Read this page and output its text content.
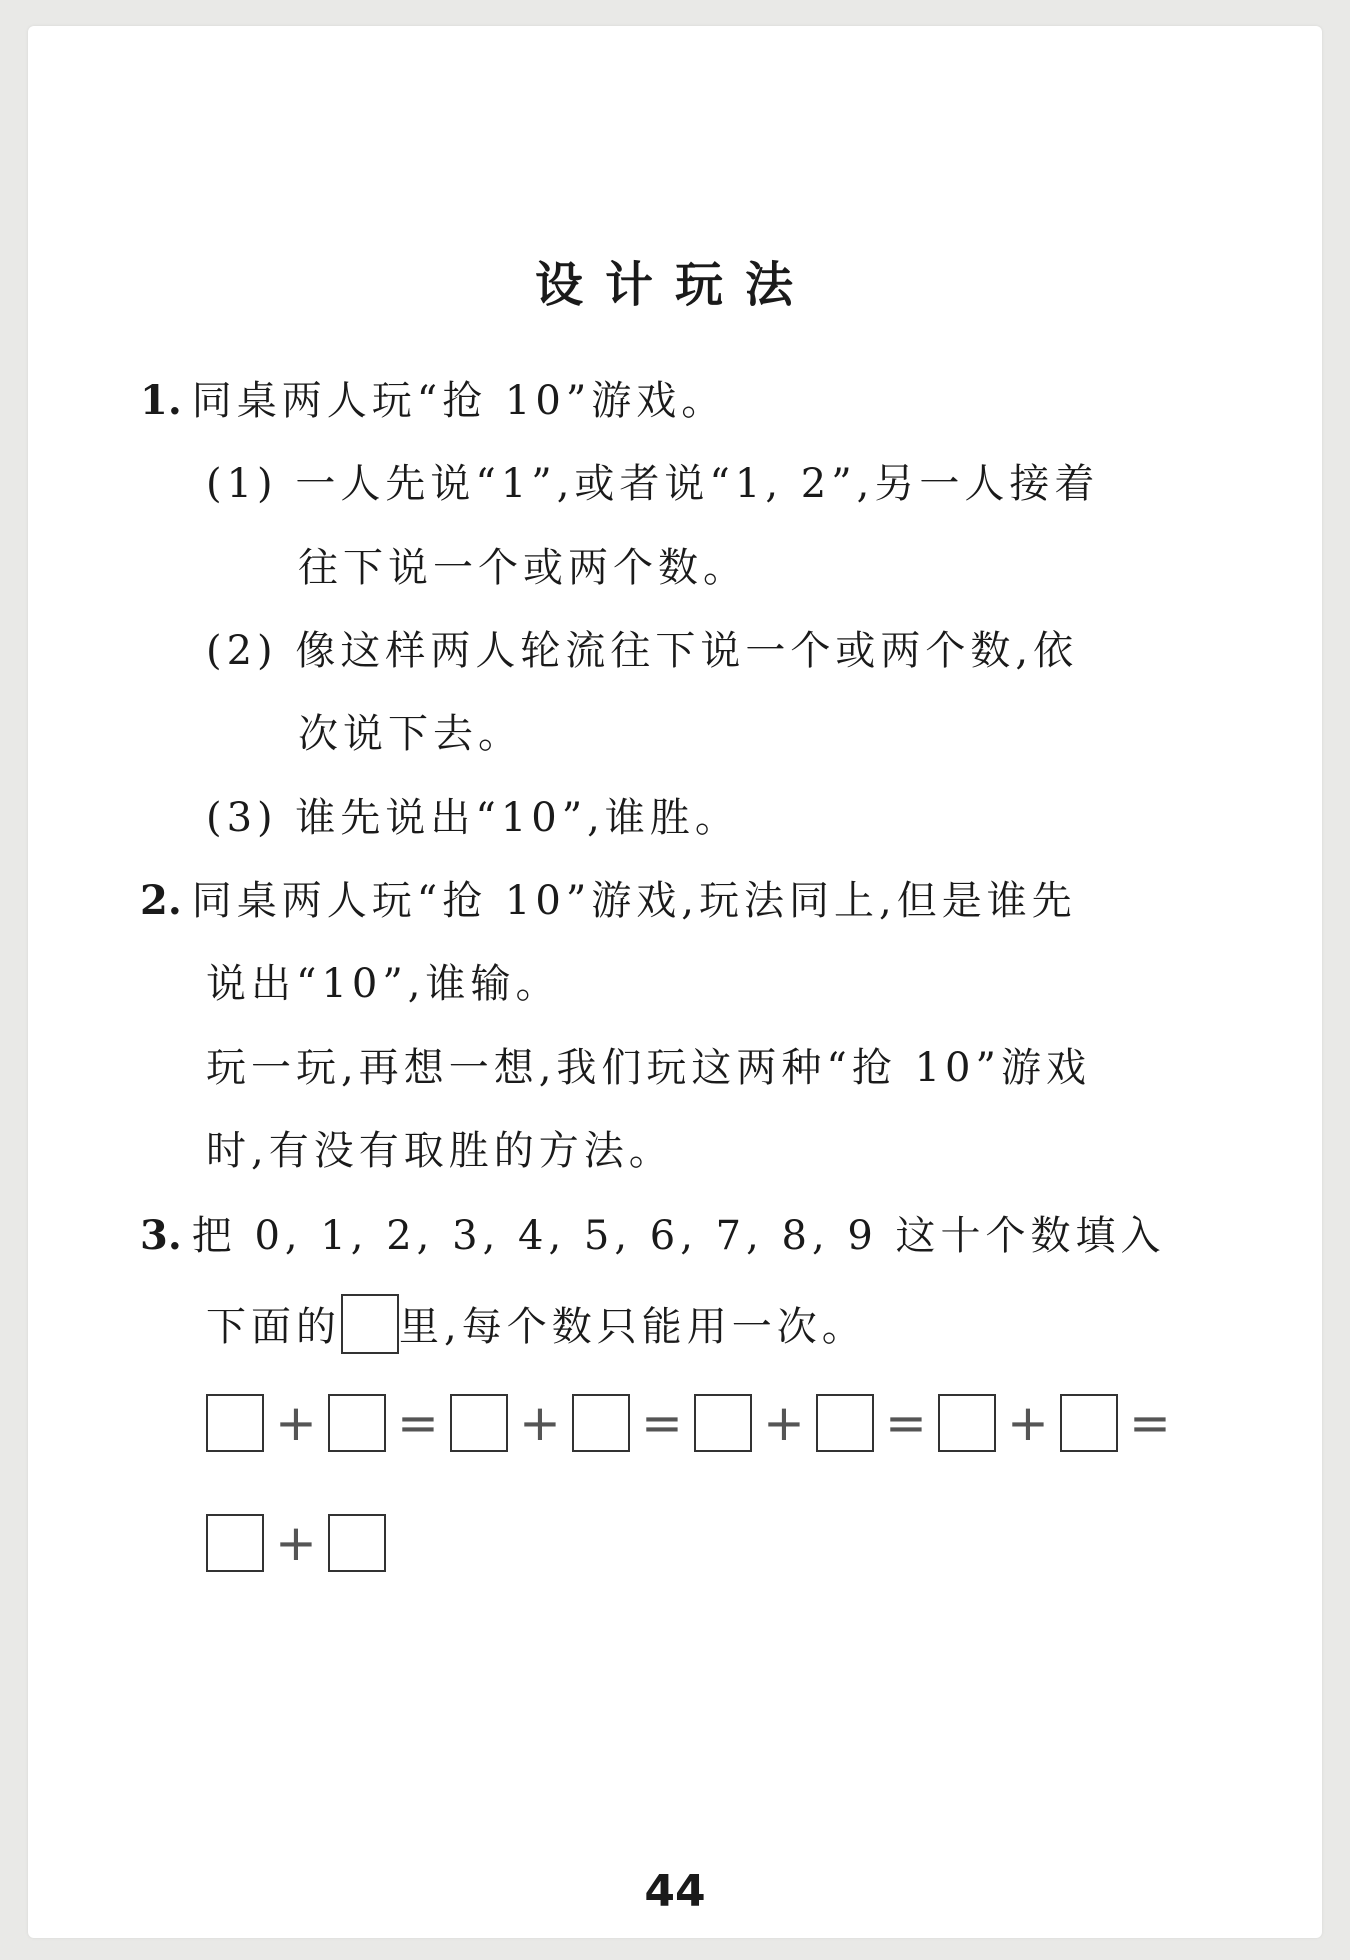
设计玩法
1. 同桌两人玩“抢 10”游戏。
(1) 一人先说“1”,或者说“1, 2”,另一人接着
往下说一个或两个数。
(2) 像这样两人轮流往下说一个或两个数,依
次说下去。
(3) 谁先说出“10”,谁胜。
2. 同桌两人玩“抢 10”游戏,玩法同上,但是谁先
说出“10”,谁输。
玩一玩,再想一想,我们玩这两种“抢 10”游戏
时,有没有取胜的方法。
3. 把 0, 1, 2, 3, 4, 5, 6, 7, 8, 9 这十个数填入
下面的 里,每个数只能用一次。
+ = + = + = + =
+
44
